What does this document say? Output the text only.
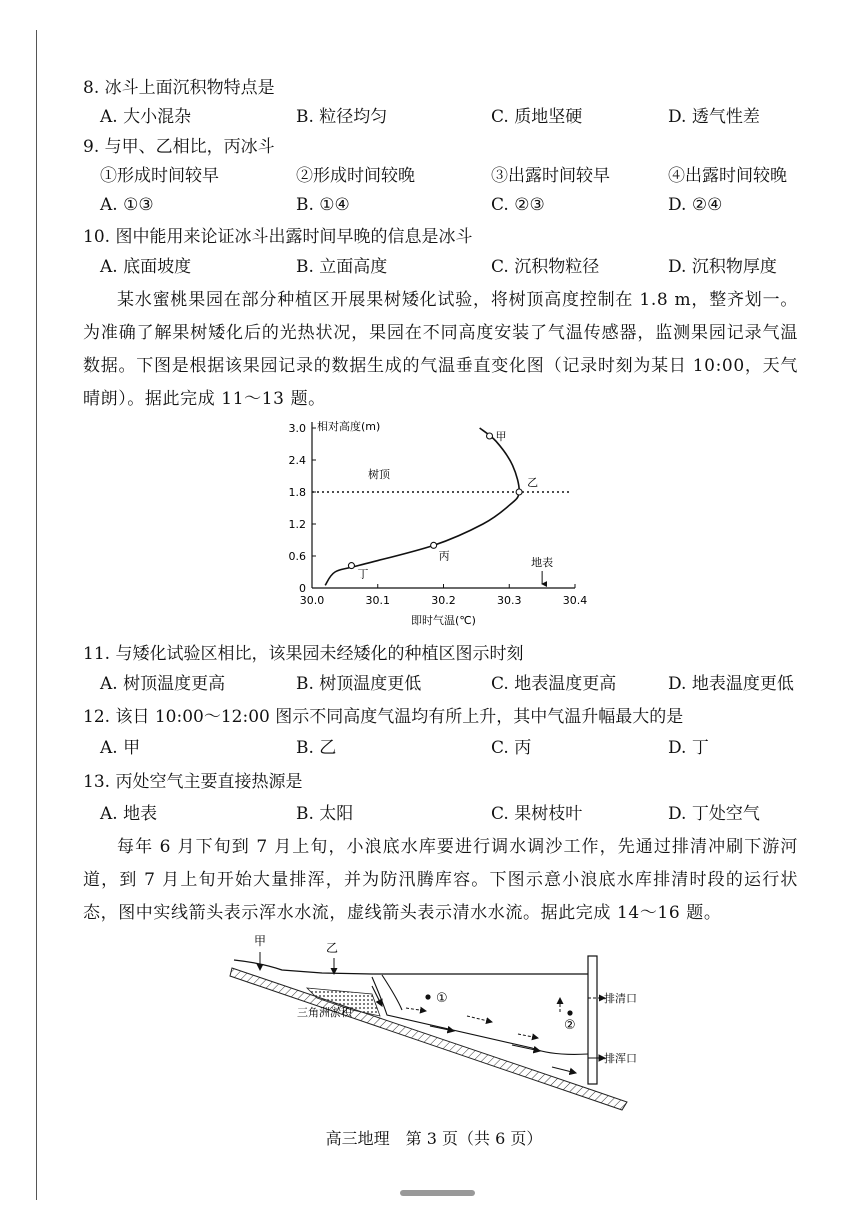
8. 冰斗上面沉积物特点是
A. 大小混杂	B. 粒径均匀	C. 质地坚硬	D. 透气性差
9. 与甲、乙相比，丙冰斗
①形成时间较早	②形成时间较晚	③出露时间较早	④出露时间较晚
A. ①③	B. ①④	C. ②③	D. ②④
10. 图中能用来论证冰斗出露时间早晚的信息是冰斗
A. 底面坡度	B. 立面高度	C. 沉积物粒径	D. 沉积物厚度

某水蜜桃果园在部分种植区开展果树矮化试验，将树顶高度控制在 1.8 m，整齐划一。为准确了解果树矮化后的光热状况，果园在不同高度安装了气温传感器，监测果园记录气温数据。下图是根据该果园记录的数据生成的气温垂直变化图（记录时刻为某日 10:00，天气晴朗）。据此完成 11～13 题。

30.0	30.1	30.2	30.3	30.4
0
0.6
1.2
1.8
2.4
3.0 相对高度(m)
即时气温(℃)
树顶
地表
甲
乙
丙
丁
11. 与矮化试验区相比，该果园未经矮化的种植区图示时刻
A. 树顶温度更高	B. 树顶温度更低	C. 地表温度更高	D. 地表温度更低
12. 该日 10:00～12:00 图示不同高度气温均有所上升，其中气温升幅最大的是
A. 甲	B. 乙	C. 丙	D. 丁
13. 丙处空气主要直接热源是
A. 地表	B. 太阳	C. 果树枝叶	D. 丁处空气

每年 6 月下旬到 7 月上旬，小浪底水库要进行调水调沙工作，先通过排清冲刷下游河道，到 7 月上旬开始大量排浑，并为防汛腾库容。下图示意小浪底水库排清时段的运行状态，图中实线箭头表示浑水水流，虚线箭头表示清水水流。据此完成 14～16 题。

甲	乙
三角洲淤积
①
②
排清口
排浑口
高三地理　第 3 页（共 6 页）
